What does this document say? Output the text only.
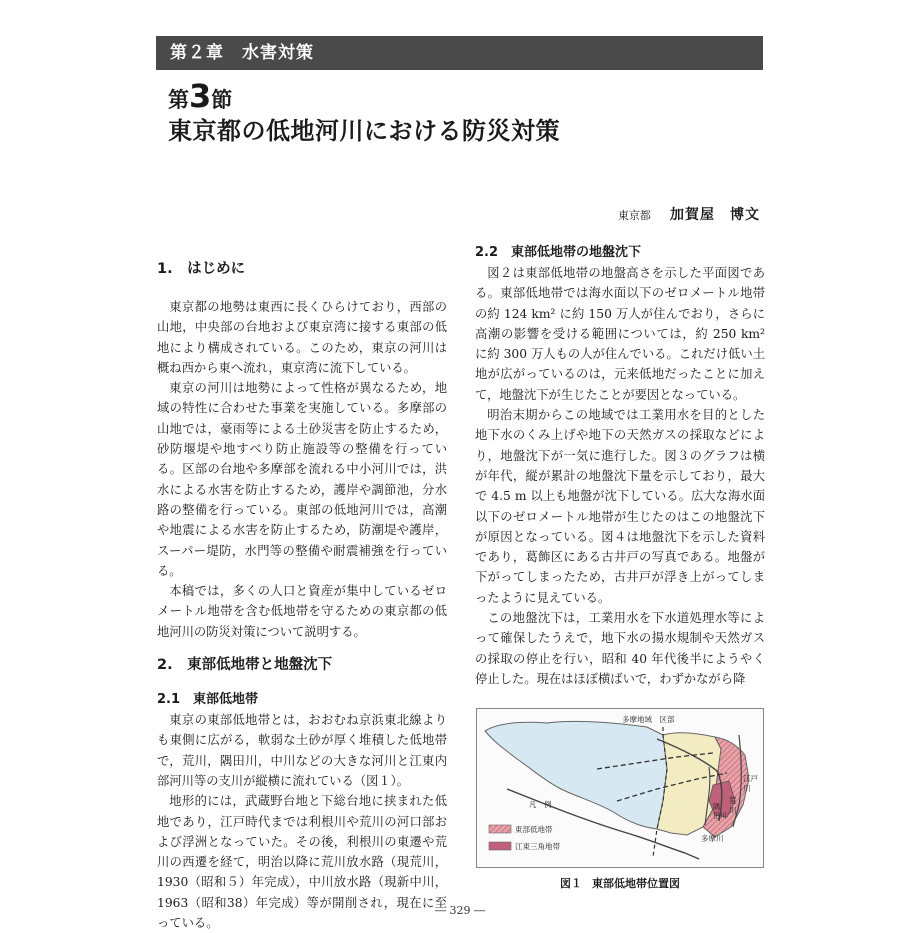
第２章　水害対策
第3節
東京都の低地河川における防災対策
東京都 加賀屋　博文
1.　はじめに

東京都の地勢は東西に長くひらけており，西部の山地，中央部の台地および東京湾に接する東部の低地により構成されている。このため，東京の河川は概ね西から東へ流れ，東京湾に流下している。

東京の河川は地勢によって性格が異なるため，地域の特性に合わせた事業を実施している。多摩部の山地では，豪雨等による土砂災害を防止するため，砂防堰堤や地すべり防止施設等の整備を行っている。区部の台地や多摩部を流れる中小河川では，洪水による水害を防止するため，護岸や調節池，分水路の整備を行っている。東部の低地河川では，高潮や地震による水害を防止するため，防潮堤や護岸，スーパー堤防，水門等の整備や耐震補強を行っている。

本稿では，多くの人口と資産が集中しているゼロメートル地帯を含む低地帯を守るための東京都の低地河川の防災対策について説明する。

2.　東部低地帯と地盤沈下
2.1　東部低地帯

東京の東部低地帯とは，おおむね京浜東北線よりも東側に広がる，軟弱な土砂が厚く堆積した低地帯で，荒川，隅田川，中川などの大きな河川と江東内部河川等の支川が縦横に流れている（図１）。

地形的には，武蔵野台地と下総台地に挟まれた低地であり，江戸時代までは利根川や荒川の河口部および浮洲となっていた。その後，利根川の東遷や荒川の西遷を経て，明治以降に荒川放水路（現荒川，1930（昭和５）年完成），中川放水路（現新中川，1963（昭和38）年完成）等が開削され，現在に至っている。

2.2　東部低地帯の地盤沈下

図２は東部低地帯の地盤高さを示した平面図である。東部低地帯では海水面以下のゼロメートル地帯の約 124 km² に約 150 万人が住んでおり，さらに高潮の影響を受ける範囲については，約 250 km² に約 300 万人もの人が住んでいる。これだけ低い土地が広がっているのは，元来低地だったことに加えて，地盤沈下が生じたことが要因となっている。

明治末期からこの地域では工業用水を目的とした地下水のくみ上げや地下の天然ガスの採取などにより，地盤沈下が一気に進行した。図３のグラフは横が年代，縦が累計の地盤沈下量を示しており，最大で 4.5 m 以上も地盤が沈下している。広大な海水面以下のゼロメートル地帯が生じたのはこの地盤沈下が原因となっている。図４は地盤沈下を示した資料であり，葛飾区にある古井戸の写真である。地盤が下がってしまったため，古井戸が浮き上がってしまったように見えている。

この地盤沈下は，工業用水を下水道処理水等によって確保したうえで，地下水の揚水規制や天然ガスの採取の停止を行い，昭和 40 年代後半にようやく停止した。現在はほぼ横ばいで，わずかながら降

多摩地域　区部
江戸
川
荒
川
隅
田川
多摩川
凡　例
東部低地帯
江東三角地帯
図１ 東部低地帯位置図
― 329 ―
